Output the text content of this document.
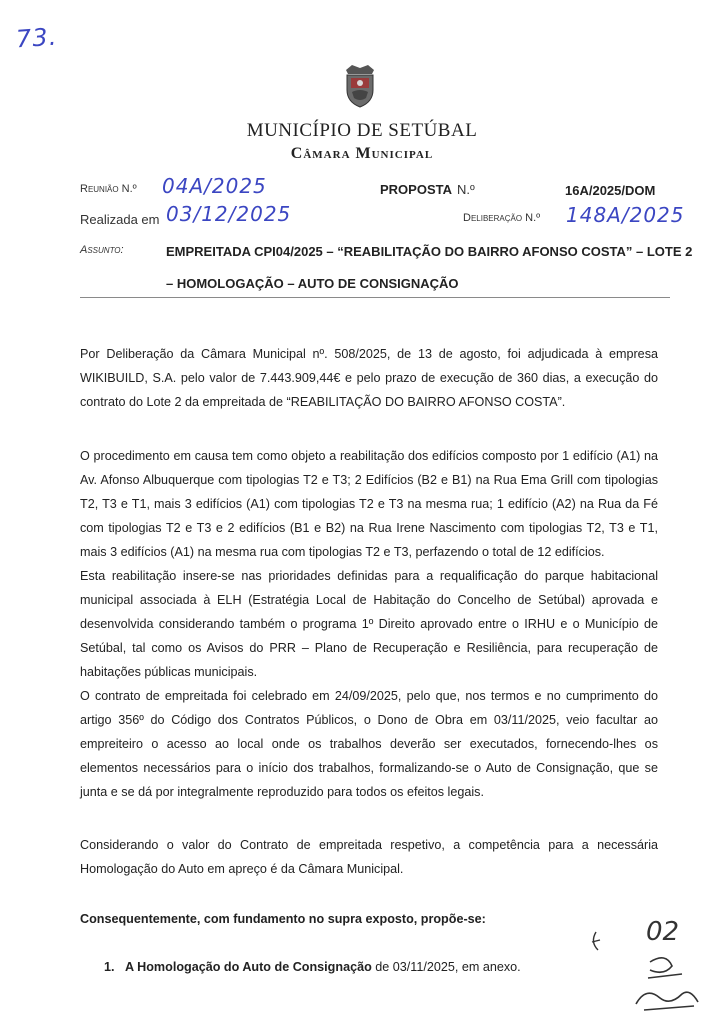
73.
MUNICÍPIO DE SETÚBAL
Câmara Municipal
Reunião N.º 04A/2025	PROPOSTA N.º	16A/2025/DOM
Realizada em 03/12/2025	Deliberação N.º 148A/2025
Assunto:	EMPREITADA CPI04/2025 – “REABILITAÇÃO DO BAIRRO AFONSO COSTA” – LOTE 2
– HOMOLOGAÇÃO – AUTO DE CONSIGNAÇÃO

Por Deliberação da Câmara Municipal nº. 508/2025, de 13 de agosto, foi adjudicada à empresa WIKIBUILD, S.A. pelo valor de 7.443.909,44€ e pelo prazo de execução de 360 dias, a execução do contrato do Lote 2 da empreitada de “REABILITAÇÃO DO BAIRRO AFONSO COSTA”.

O procedimento em causa tem como objeto a reabilitação dos edifícios composto por 1 edifício (A1) na Av. Afonso Albuquerque com tipologias T2 e T3; 2 Edifícios (B2 e B1) na Rua Ema Grill com tipologias T2, T3 e T1, mais 3 edifícios (A1) com tipologias T2 e T3 na mesma rua; 1 edifício (A2) na Rua da Fé com tipologias T2 e T3 e 2 edifícios (B1 e B2) na Rua Irene Nascimento com tipologias T2, T3 e T1, mais 3 edifícios (A1) na mesma rua com tipologias T2 e T3, perfazendo o total de 12 edifícios.

Esta reabilitação insere-se nas prioridades definidas para a requalificação do parque habitacional municipal associada à ELH (Estratégia Local de Habitação do Concelho de Setúbal) aprovada e desenvolvida considerando também o programa 1º Direito aprovado entre o IRHU e o Município de Setúbal, tal como os Avisos do PRR – Plano de Recuperação e Resiliência, para recuperação de habitações públicas municipais.

O contrato de empreitada foi celebrado em 24/09/2025, pelo que, nos termos e no cumprimento do artigo 356º do Código dos Contratos Públicos, o Dono de Obra em 03/11/2025, veio facultar ao empreiteiro o acesso ao local onde os trabalhos deverão ser executados, fornecendo-lhes os elementos necessários para o início dos trabalhos, formalizando-se o Auto de Consignação, que se junta e se dá por integralmente reproduzido para todos os efeitos legais.

Considerando o valor do Contrato de empreitada respetivo, a competência para a necessária Homologação do Auto em apreço é da Câmara Municipal.

Consequentemente, com fundamento no supra exposto, propõe-se:

1. A Homologação do Auto de Consignação de 03/11/2025, em anexo.
02
